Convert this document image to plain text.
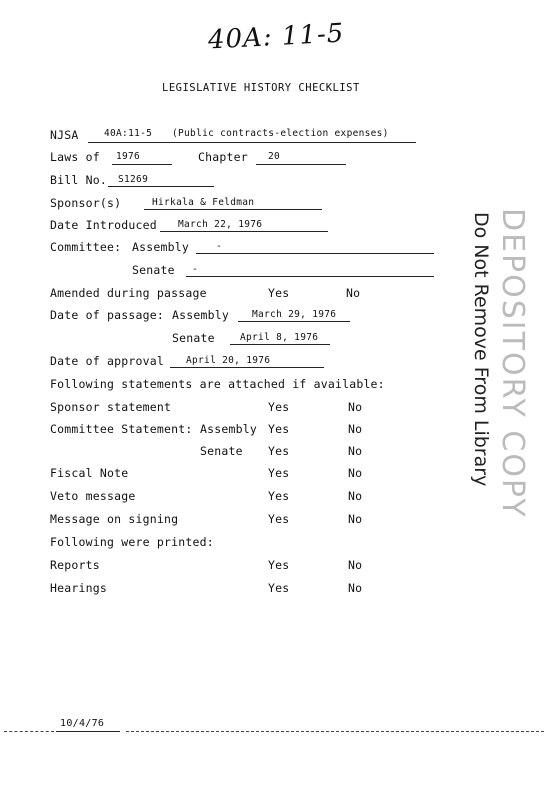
40A: 11-5
LEGISLATIVE HISTORY CHECKLIST
NJSA	40A:11-5 (Public contracts-election expenses)
Laws of 1976	Chapter 20
Bill No. S1269
Sponsor(s)	Hirkala & Feldman
Date Introduced March 22, 1976
Committee: Assembly	-
Senate -
Amended during passage	Yes	No
Date of passage: Assembly March 29, 1976
Senate	April 8, 1976
Date of approval April 20, 1976
Following statements are attached if available:
Sponsor statement	Yes	No
Committee Statement: Assembly Yes	No
Senate Yes	No
Fiscal Note	Yes	No
Veto message	Yes	No
Message on signing	Yes	No
Following were printed:
Reports	Yes	No
Hearings	Yes	No
DEPOSITORY COPY
Do Not Remove From Library
10/4/76
